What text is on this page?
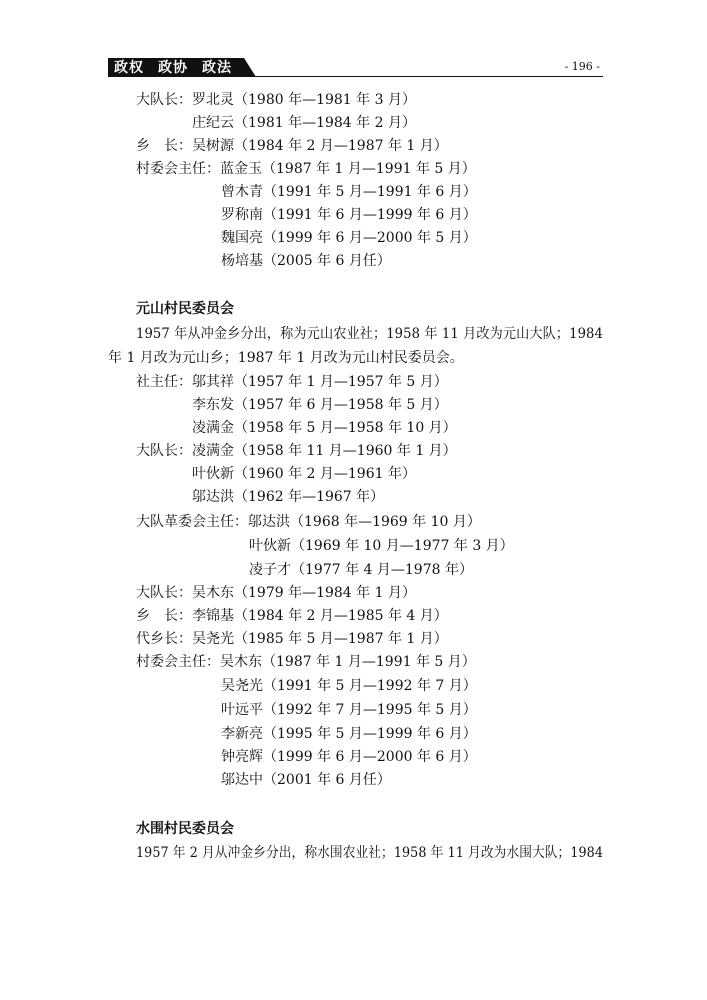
政权 政协 政法	- 196 -
大队长：罗北灵（1980 年—1981 年 3 月）
庄纪云（1981 年—1984 年 2 月）
乡　长：吴树源（1984 年 2 月—1987 年 1 月）
村委会主任：蓝金玉（1987 年 1 月—1991 年 5 月）
曾木青（1991 年 5 月—1991 年 6 月）
罗称南（1991 年 6 月—1999 年 6 月）
魏国亮（1999 年 6 月—2000 年 5 月）
杨培基（2005 年 6 月任）
元山村民委员会
1957 年从冲金乡分出，称为元山农业社；1958 年 11 月改为元山大队；1984
年 1 月改为元山乡；1987 年 1 月改为元山村民委员会。
社主任：邬其祥（1957 年 1 月—1957 年 5 月）
李东发（1957 年 6 月—1958 年 5 月）
凌满金（1958 年 5 月—1958 年 10 月）
大队长：凌满金（1958 年 11 月—1960 年 1 月）
叶伙新（1960 年 2 月—1961 年）
邬达洪（1962 年—1967 年）
大队革委会主任：邬达洪（1968 年—1969 年 10 月）
叶伙新（1969 年 10 月—1977 年 3 月）
凌子才（1977 年 4 月—1978 年）
大队长：吴木东（1979 年—1984 年 1 月）
乡　长：李锦基（1984 年 2 月—1985 年 4 月）
代乡长：吴尧光（1985 年 5 月—1987 年 1 月）
村委会主任：吴木东（1987 年 1 月—1991 年 5 月）
吴尧光（1991 年 5 月—1992 年 7 月）
叶远平（1992 年 7 月—1995 年 5 月）
李新亮（1995 年 5 月—1999 年 6 月）
钟亮辉（1999 年 6 月—2000 年 6 月）
邬达中（2001 年 6 月任）
水围村民委员会
1957 年 2 月从冲金乡分出，称水围农业社；1958 年 11 月改为水围大队；1984
